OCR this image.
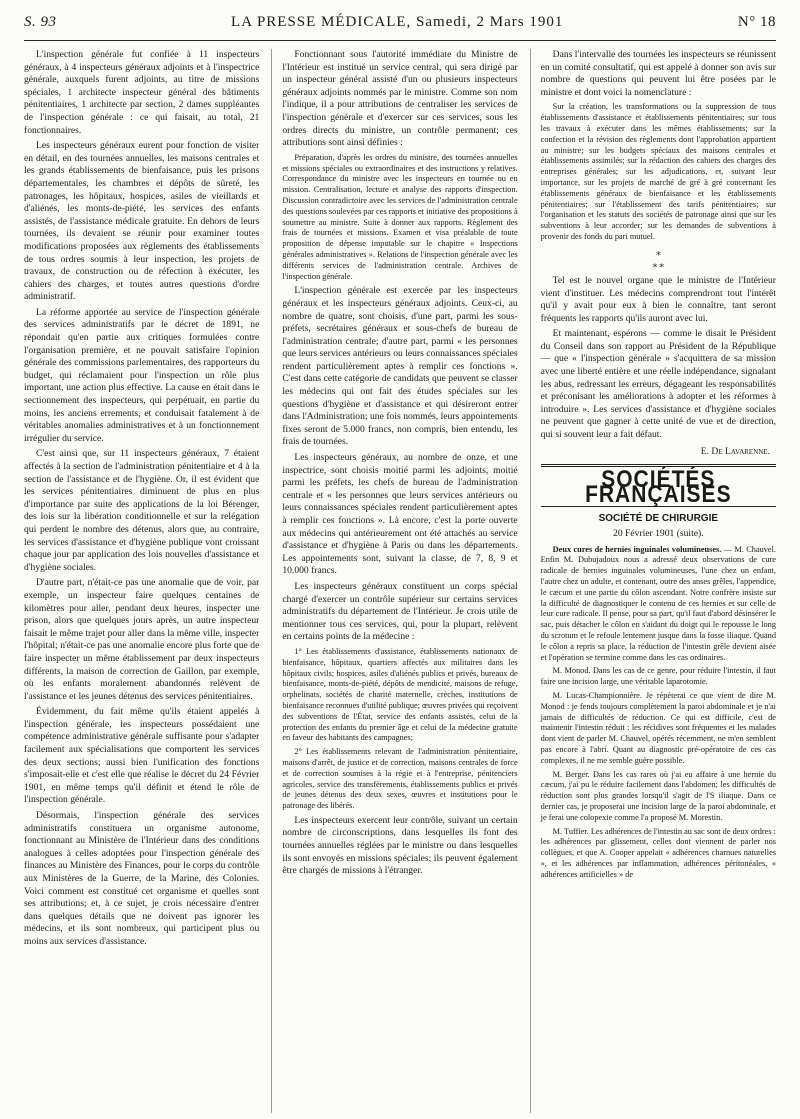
S. 93	LA PRESSE MÉDICALE, Samedi, 2 Mars 1901	N° 18

L'inspection générale fut confiée à 11 inspecteurs généraux, à 4 inspecteurs généraux adjoints et à l'inspectrice générale, auxquels furent adjoints, au titre de missions spéciales, 1 architecte inspecteur général des bâtiments pénitentiaires, 1 architecte par section, 2 dames suppléantes de l'inspection générale : ce qui faisait, au total, 21 fonctionnaires.

Les inspecteurs généraux eurent pour fonction de visiter en détail, en des tournées annuelles, les maisons centrales et les grands établissements de bienfaisance, puis les prisons départementales, les chambres et dépôts de sûreté, les patronages, les hôpitaux, hospices, asiles de vieillards et d'aliénés, les monts-de-piété, les services des enfants assistés, de l'assistance médicale gratuite. En dehors de leurs tournées, ils devaient se réunir pour examiner toutes modifications proposées aux règlements des établissements de tous ordres soumis à leur inspection, les projets de travaux, de construction ou de réfection à exécuter, les cahiers des charges, et toutes autres questions d'ordre administratif.

La réforme apportée au service de l'inspection générale des services administratifs par le décret de 1891, ne répondait qu'en partie aux critiques formulées contre l'organisation première, et ne pouvait satisfaire l'opinion générale des commissions parlementaires, des rapporteurs du budget, qui réclamaient pour l'inspection un rôle plus important, une action plus effective. La cause en était dans le sectionnement des inspecteurs, qui perpétuait, en partie du moins, les anciens errements, et conduisait fatalement à de véritables anomalies administratives et à un fonctionnement irrégulier du service.

C'est ainsi que, sur 11 inspecteurs généraux, 7 étaient affectés à la section de l'administration pénitentiaire et 4 à la section de l'assistance et de l'hygiène. Or, il est évident que les services pénitentiaires diminuent de plus en plus d'importance par suite des applications de la loi Bérenger, des lois sur la libération conditionnelle et sur la relégation qui perdent le nombre des détenus, alors que, au contraire, les services d'assistance et d'hygiène publique vont croissant chaque jour par application des lois nouvelles d'assistance et d'hygiène sociales.

D'autre part, n'était-ce pas une anomalie que de voir, par exemple, un inspecteur faire quelques centaines de kilomètres pour aller, pendant deux heures, inspecter une prison, alors que quelques jours après, un autre inspecteur faisait le même trajet pour aller dans la même ville, inspecter l'hôpital; n'était-ce pas une anomalie encore plus forte que de faire inspecter un même établissement par deux inspecteurs différents, la maison de correction de Gaillon, par exemple, où les enfants moralement abandonnés relèvent de l'assistance et les jeunes détenus des services pénitentiaires.

Évidemment, du fait même qu'ils étaient appelés à l'inspection générale, les inspecteurs possédaient une compétence administrative générale suffisante pour s'adapter facilement aux spécialisations que comportent les services des deux sections; aussi bien l'unification des fonctions s'imposait-elle et c'est elle que réalise le décret du 24 Février 1901, en même temps qu'il définit et étend le rôle de l'inspection générale.

Désormais, l'inspection générale des services administratifs constituera un organisme autonome, fonctionnant au Ministère de l'Intérieur dans des conditions analogues à celles adoptées pour l'inspection générale des finances au Ministère des Finances, pour le corps du contrôle aux Ministères de la Guerre, de la Marine, des Colonies. Voici comment est constitué cet organisme et quelles sont ses attributions; et, à ce sujet, je crois nécessaire d'entrer dans quelques détails que ne doivent pas ignorer les médecins, et ils sont nombreux, qui participent plus ou moins aux services d'assistance.

Fonctionnant sous l'autorité immédiate du Ministre de l'Intérieur est institué un service central, qui sera dirigé par un inspecteur général assisté d'un ou plusieurs inspecteurs généraux adjoints nommés par le ministre. Comme son nom l'indique, il a pour attributions de centraliser les services de l'inspection générale et d'exercer sur ces services, sous les ordres directs du ministre, un contrôle permanent; ces attributions sont ainsi définies :

Préparation, d'après les ordres du ministre, des tournées annuelles et missions spéciales ou extraordinaires et des instructions y relatives. Correspondance du ministre avec les inspecteurs en tournée ou en mission. Centralisation, lecture et analyse des rapports d'inspection. Discussion contradictoire avec les services de l'administration centrale des questions soulevées par ces rapports et initiative des propositions à soumettre au ministre. Suite à donner aux rapports. Règlement des frais de tournées et missions. Examen et visa préalable de toute proposition de dépense imputable sur le chapitre « Inspections générales administratives ». Relations de l'inspection générale avec les différents services de l'administration centrale. Archives de l'inspection générale.

L'inspection générale est exercée par les inspecteurs généraux et les inspecteurs généraux adjoints. Ceux-ci, au nombre de quatre, sont choisis, d'une part, parmi les sous-préfets, secrétaires généraux et sous-chefs de bureau de l'administration centrale; d'autre part, parmi « les personnes que leurs services antérieurs ou leurs connaissances spéciales rendent particulièrement aptes à remplir ces fonctions ». C'est dans cette catégorie de candidats que peuvent se classer les médecins qui ont fait des études spéciales sur les questions d'hygiène et d'assistance et qui désireront entrer dans l'Administration; une fois nommés, leurs appointements fixes seront de 5.000 francs, non compris, bien entendu, les frais de tournées.

Les inspecteurs généraux, au nombre de onze, et une inspectrice, sont choisis moitié parmi les adjoints, moitié parmi les préfets, les chefs de bureau de l'administration centrale et « les personnes que leurs services antérieurs ou leurs connaissances spéciales rendent particulièrement aptes à remplir ces fonctions ». Là encore, c'est la porte ouverte aux médecins qui antérieurement ont été attachés au service d'assistance et d'hygiène à Paris ou dans les départements. Les appointements sont, suivant la classe, de 7, 8, 9 et 10.000 francs.

Les inspecteurs généraux constituent un corps spécial chargé d'exercer un contrôle supérieur sur certains services administratifs du département de l'Intérieur. Je crois utile de mentionner tous ces services, qui, pour la plupart, relèvent en certains points de la médecine :

1° Les établissements d'assistance, établissements nationaux de bienfaisance, hôpitaux, quartiers affectés aux militaires dans les hôpitaux civils; hospices, asiles d'aliénés publics et privés, bureaux de bienfaisance, monts-de-piété, dépôts de mendicité, maisons de refuge, orphelinats, sociétés de charité maternelle, crèches, institutions de bienfaisance reconnues d'utilité publique; œuvres privées qui reçoivent des subventions de l'État, service des enfants assistés, celui de la protection des enfants du premier âge et celui de la médecine gratuite en faveur des habitants des campagnes;

2° Les établissements relevant de l'administration pénitentiaire, maisons d'arrêt, de justice et de correction, maisons centrales de force et de correction soumises à la régie et à l'entreprise, pénitenciers agricoles, service des transfèrements, établissements publics et privés de jeunes détenus des deux sexes, œuvres et institutions pour le patronage des libérés.

Les inspecteurs exercent leur contrôle, suivant un certain nombre de circonscriptions, dans lesquelles ils font des tournées annuelles réglées par le ministre ou dans lesquelles ils sont envoyés en missions spéciales; ils peuvent également être chargés de missions à l'étranger.

Dans l'intervalle des tournées les inspecteurs se réunissent en un comité consultatif, qui est appelé à donner son avis sur nombre de questions qui peuvent lui être posées par le ministre et dont voici la nomenclature :

Sur la création, les transformations ou la suppression de tous établissements d'assistance et établissements pénitentiaires; sur tous les travaux à exécuter dans les mêmes établissements; sur la confection et la révision des règlements dont l'approbation appartient au ministre; sur les budgets spéciaux des maisons centrales et établissements assimilés; sur la rédaction des cahiers des charges des entreprises générales; sur les adjudications, et, suivant leur importance, sur les projets de marché de gré à gré concernant les établissements généraux de bienfaisance et les établissements pénitentiaires; sur l'établissement des tarifs pénitentiaires; sur l'organisation et les statuts des sociétés de patronage ainsi que sur les subventions à leur accorder; sur les demandes de subventions à provenir des fonds du pari mutuel.

⁎
⁎ ⁎

Tel est le nouvel organe que le ministre de l'Intérieur vient d'instituer. Les médecins comprendront tout l'intérêt qu'il y avait pour eux à bien le connaître, tant seront fréquents les rapports qu'ils auront avec lui.

Et maintenant, espérons — comme le disait le Président du Conseil dans son rapport au Président de la République — que « l'inspection générale » s'acquittera de sa mission avec une liberté entière et une réelle indépendance, signalant les abus, redressant les erreurs, dégageant les responsabilités et préconisant les améliorations à adopter et les réformes à introduire ». Les services d'assistance et d'hygiène sociales ne peuvent que gagner à cette unité de vue et de direction, qui si souvent leur a fait défaut.

E. De Lavarenne.
SOCIÉTÉS FRANÇAISES
SOCIÉTÉ DE CHIRURGIE
20 Février 1901 (suite).

Deux cures de hernies inguinales volumineuses. — M. Chauvel. Enfin M. Dubujadoux nous a adressé deux observations de cure radicale de hernies inguinales volumineuses, l'une chez un enfant, l'autre chez un adulte, et contenant, outre des anses grêles, l'appendice, le cæcum et une partie du côlon ascendant. Notre confrère insiste sur la difficulté de diagnostiquer le contenu de ces hernies et sur celle de leur cure radicale. Il pense, pour sa part, qu'il faut d'abord désinsérer le sac, puis détacher le côlon en s'aidant du doigt qui le repousse le long du scrotum et le refoule lentement jusque dans la fosse iliaque. Quand le côlon a repris sa place, la réduction de l'intestin grêle devient aisée et l'opération se termine comme dans les cas ordinaires.

M. Monod. Dans les cas de ce genre, pour réduire l'intestin, il faut faire une incision large, une véritable laparotomie.

M. Lucas-Championnière. Je répéterai ce que vient de dire M. Monod : je fends toujours complètement la paroi abdominale et je n'ai jamais de difficultés de réduction. Ce qui est difficile, c'est de maintenir l'intestin réduit : les récidives sont fréquentes et les malades dont vient de parler M. Chauvel, opérés récemment, ne m'en semblent pas encore à l'abri. Quant au diagnostic pré-opératoire de ces cas complexes, il ne me semble guère possible.

M. Berger. Dans les cas rares où j'ai eu affaire à une hernie du cæcum, j'ai pu le réduire facilement dans l'abdomen; les difficultés de réduction sont plus grandes lorsqu'il s'agit de l'S iliaque. Dans ce dernier cas, je proposerai une incision large de la paroi abdominale, et je ferai une colopexie comme l'a proposé M. Morestin.

M. Tuffier. Les adhérences de l'intestin au sac sont de deux ordres : les adhérences par glissement, celles dont viennent de parler nos collègues, et que A. Cooper appelait « adhérences charnues naturelles », et les adhérences par inflammation, adhérences péritonéales, « adhérences artificielles » de
